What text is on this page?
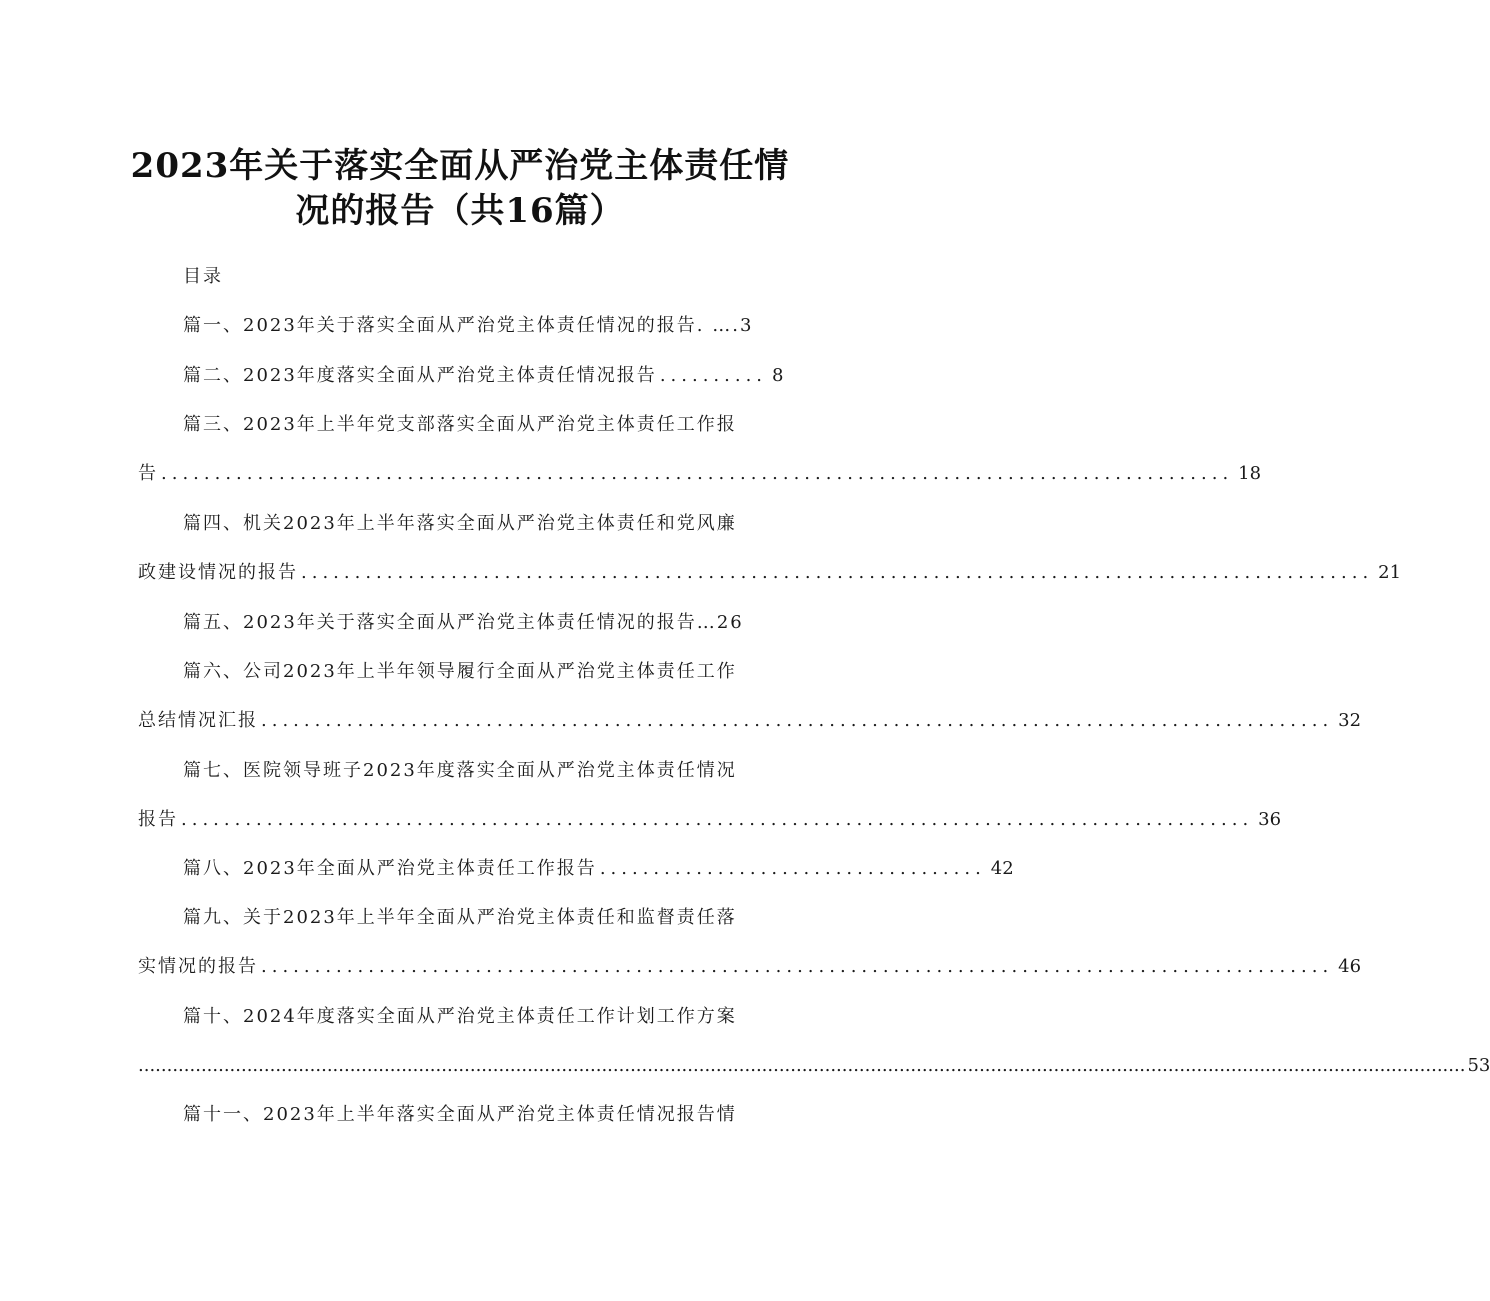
2023年关于落实全面从严治党主体责任情
况的报告（共16篇）
目录
篇一、2023年关于落实全面从严治党主体责任情况的报告. ….3
篇二、2023年度落实全面从严治党主体责任情况报告 .......... 8
篇三、2023年上半年党支部落实全面从严治党主体责任工作报
告 .................................................................................................... 18
篇四、机关2023年上半年落实全面从严治党主体责任和党风廉
政建设情况的报告 .................................................................................................... 21
篇五、2023年关于落实全面从严治党主体责任情况的报告…26
篇六、公司2023年上半年领导履行全面从严治党主体责任工作
总结情况汇报 .................................................................................................... 32
篇七、医院领导班子2023年度落实全面从严治党主体责任情况
报告 .................................................................................................... 36
篇八、2023年全面从严治党主体责任工作报告 .................................... 42
篇九、关于2023年上半年全面从严治党主体责任和监督责任落
实情况的报告 .................................................................................................... 46
篇十、2024年度落实全面从严治党主体责任工作计划工作方案
........................................................................................................................................................................................................................................ 53
篇十一、2023年上半年落实全面从严治党主体责任情况报告情
